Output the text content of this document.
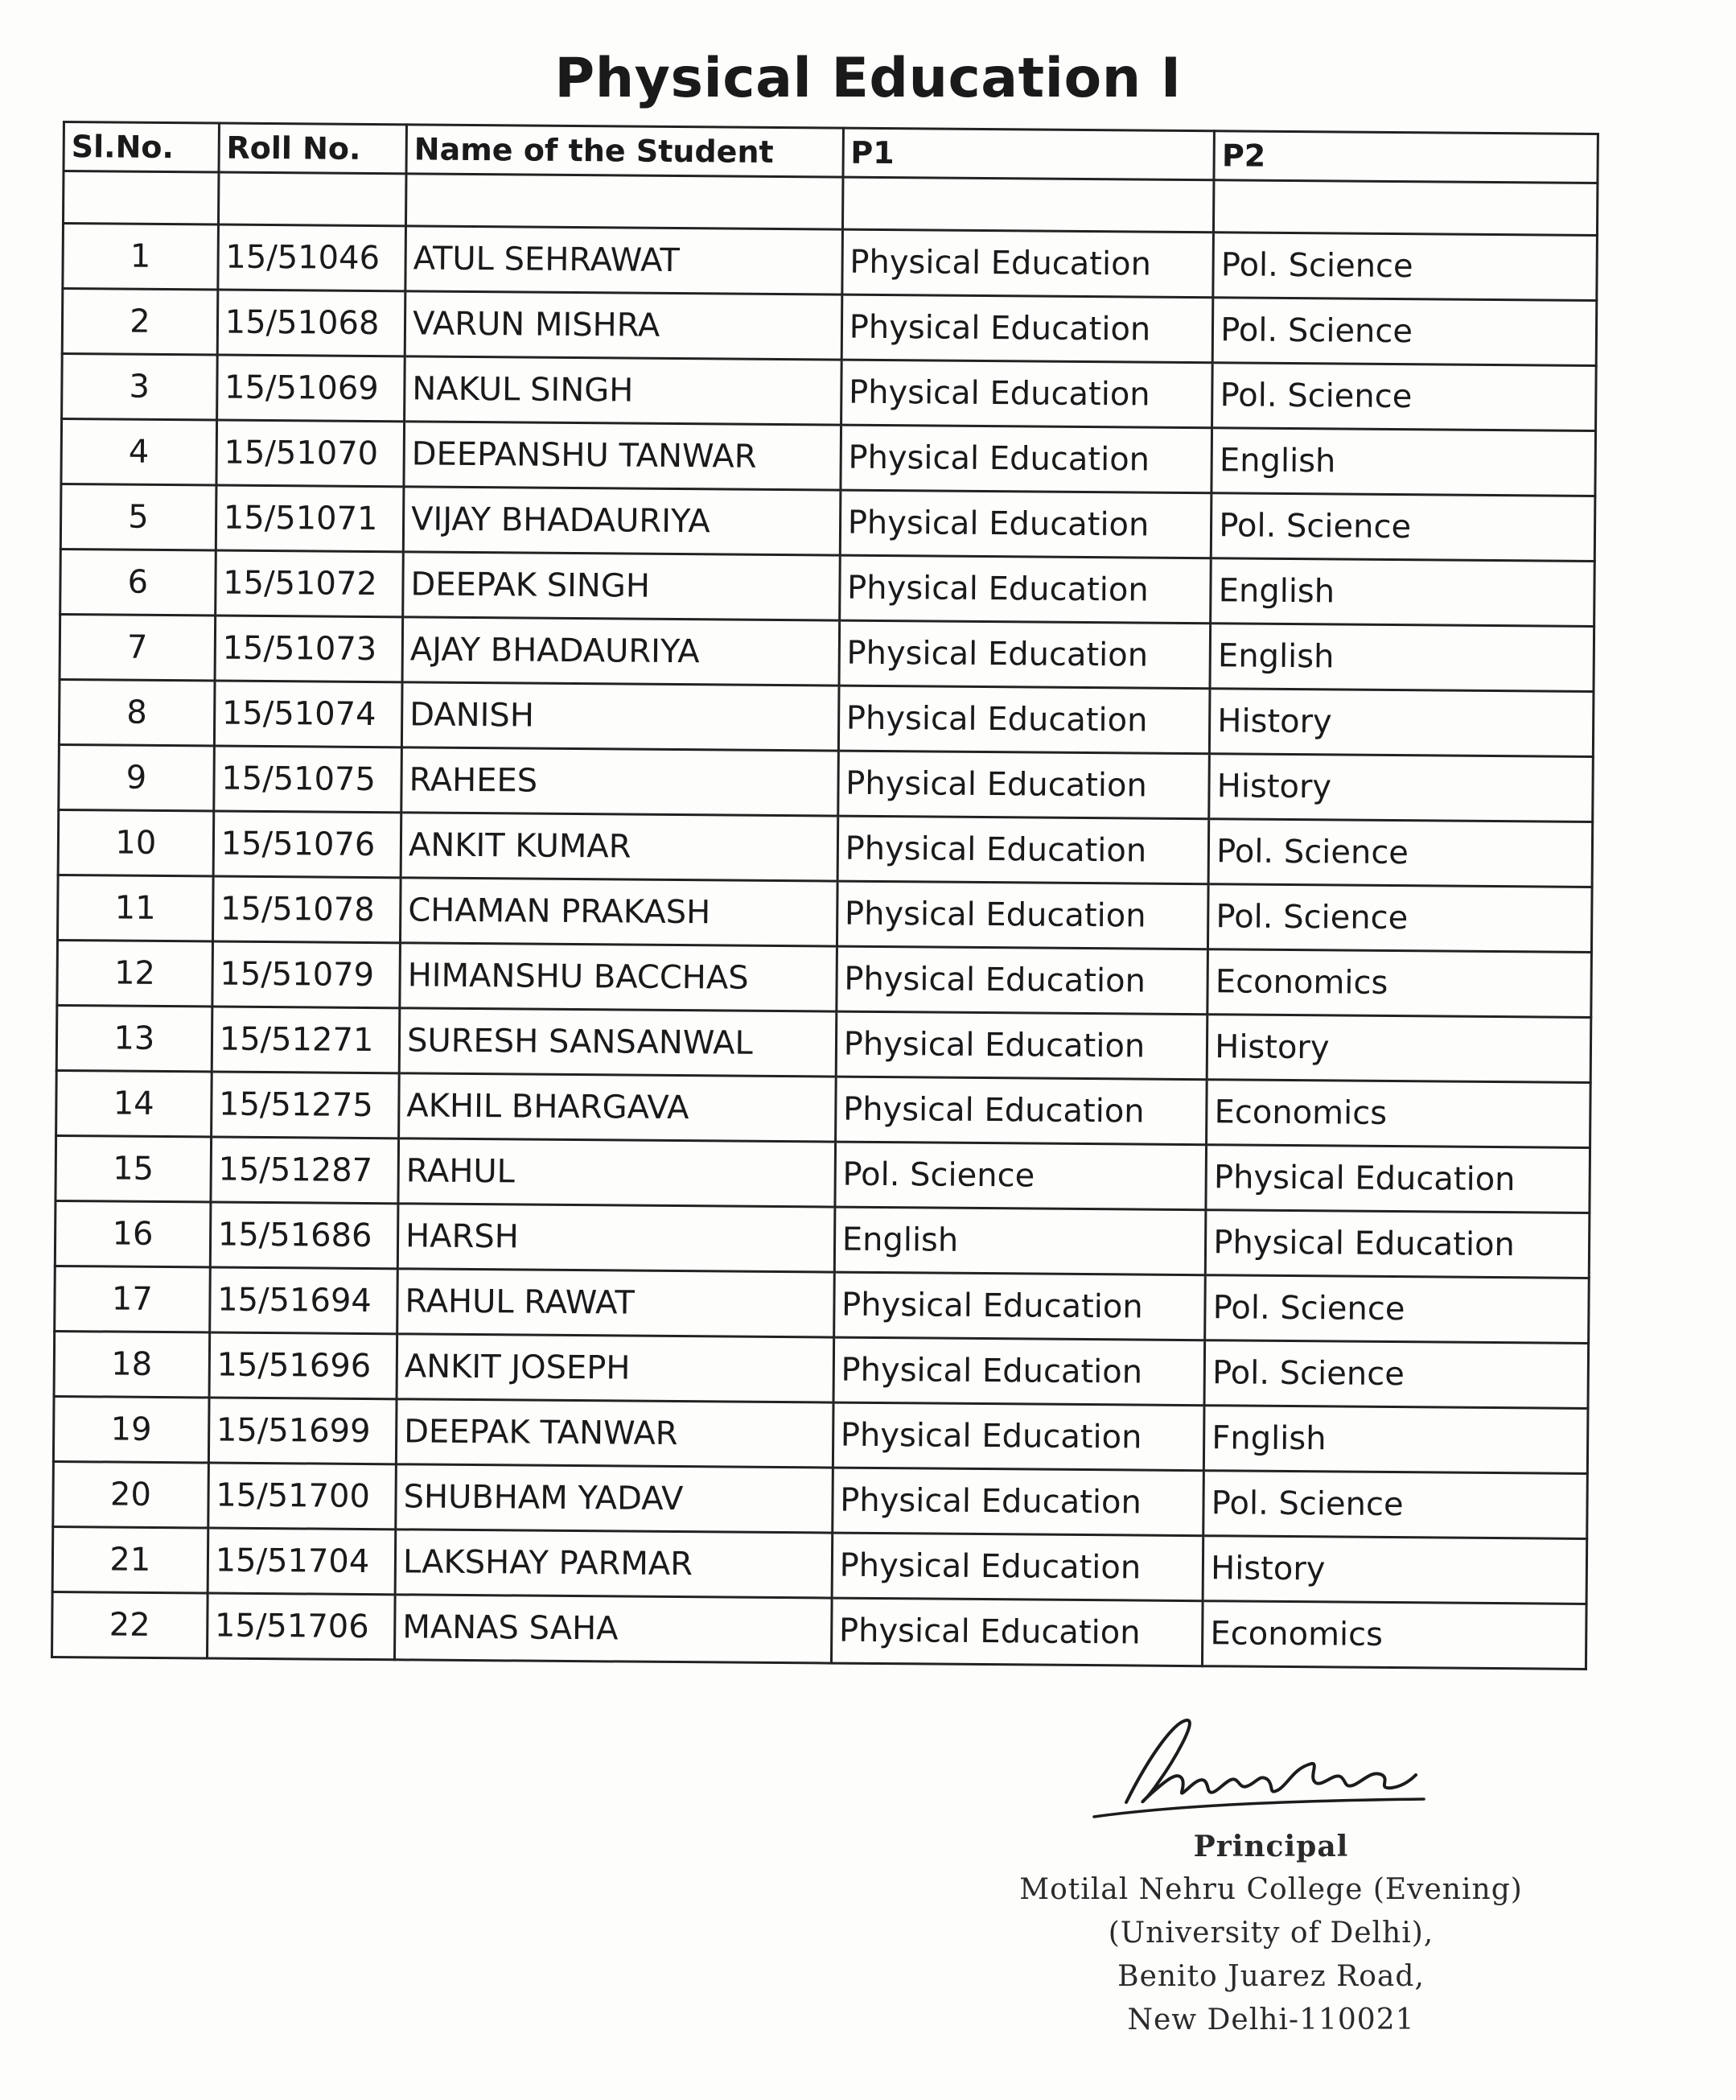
Physical Education I
Sl.No.	Roll No.	Name of the Student	P1	P2

1	15/51046	ATUL SEHRAWAT	Physical Education	Pol. Science
2	15/51068	VARUN MISHRA	Physical Education	Pol. Science
3	15/51069	NAKUL SINGH	Physical Education	Pol. Science
4	15/51070	DEEPANSHU TANWAR	Physical Education	English
5	15/51071	VIJAY BHADAURIYA	Physical Education	Pol. Science
6	15/51072	DEEPAK SINGH	Physical Education	English
7	15/51073	AJAY BHADAURIYA	Physical Education	English
8	15/51074	DANISH	Physical Education	History
9	15/51075	RAHEES	Physical Education	History
10	15/51076	ANKIT KUMAR	Physical Education	Pol. Science
11	15/51078	CHAMAN PRAKASH	Physical Education	Pol. Science
12	15/51079	HIMANSHU BACCHAS	Physical Education	Economics
13	15/51271	SURESH SANSANWAL	Physical Education	History
14	15/51275	AKHIL BHARGAVA	Physical Education	Economics
15	15/51287	RAHUL	Pol. Science	Physical Education
16	15/51686	HARSH	English	Physical Education
17	15/51694	RAHUL RAWAT	Physical Education	Pol. Science
18	15/51696	ANKIT JOSEPH	Physical Education	Pol. Science
19	15/51699	DEEPAK TANWAR	Physical Education	Fnglish
20	15/51700	SHUBHAM YADAV	Physical Education	Pol. Science
21	15/51704	LAKSHAY PARMAR	Physical Education	History
22	15/51706	MANAS SAHA	Physical Education	Economics
Principal
Motilal Nehru College (Evening)
(University of Delhi),
Benito Juarez Road,
New Delhi-110021
